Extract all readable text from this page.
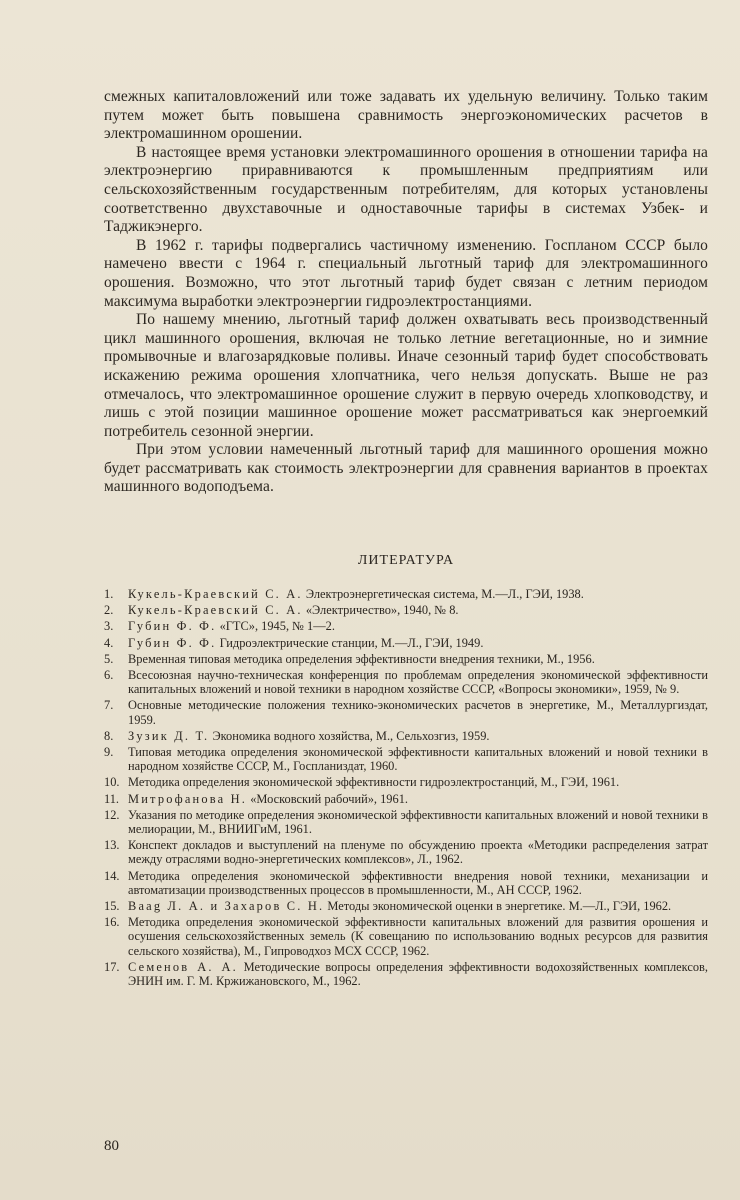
смежных капиталовложений или тоже задавать их удельную величину. Только таким путем может быть повышена сравнимость энергоэкономических расчетов в электромашинном орошении.

В настоящее время установки электромашинного орошения в отношении тарифа на электроэнергию приравниваются к промышленным предприятиям или сельскохозяйственным государственным потребителям, для которых установлены соответственно двухставочные и одноставочные тарифы в системах Узбек- и Таджикэнерго.

В 1962 г. тарифы подвергались частичному изменению. Госпланом СССР было намечено ввести с 1964 г. специальный льготный тариф для электромашинного орошения. Возможно, что этот льготный тариф будет связан с летним периодом максимума выработки электроэнергии гидроэлектростанциями.

По нашему мнению, льготный тариф должен охватывать весь производственный цикл машинного орошения, включая не только летние вегетационные, но и зимние промывочные и влагозарядковые поливы. Иначе сезонный тариф будет способствовать искажению режима орошения хлопчатника, чего нельзя допускать. Выше не раз отмечалось, что электромашинное орошение служит в первую очередь хлопководству, и лишь с этой позиции машинное орошение может рассматриваться как энергоемкий потребитель сезонной энергии.

При этом условии намеченный льготный тариф для машинного орошения можно будет рассматривать как стоимость электроэнергии для сравнения вариантов в проектах машинного водоподъема.

ЛИТЕРАТУРА
1.	Кукель-Краевский С. А. Электроэнергетическая система, М.—Л., ГЭИ, 1938.
2.	Кукель-Краевский С. А. «Электричество», 1940, № 8.
3.	Губин Ф. Ф. «ГТС», 1945, № 1—2.
4.	Губин Ф. Ф. Гидроэлектрические станции, М.—Л., ГЭИ, 1949.
5.	Временная типовая методика определения эффективности внедрения техники, М., 1956.
6.	Всесоюзная научно-техническая конференция по проблемам определения экономической эффективности капитальных вложений и новой техники в народном хозяйстве СССР, «Вопросы экономики», 1959, № 9.
7.	Основные методические положения технико-экономических расчетов в энергетике, М., Металлургиздат, 1959.
8.	Зузик Д. Т. Экономика водного хозяйства, М., Сельхозгиз, 1959.
9.	Типовая методика определения экономической эффективности капитальных вложений и новой техники в народном хозяйстве СССР, М., Госпланиздат, 1960.
10. Методика определения экономической эффективности гидроэлектростанций, М., ГЭИ, 1961.
11. Митрофанова Н. «Московский рабочий», 1961.
12. Указания по методике определения экономической эффективности капитальных вложений и новой техники в мелиорации, М., ВНИИГиМ, 1961.
13. Конспект докладов и выступлений на пленуме по обсуждению проекта «Методики распределения затрат между отраслями водно-энергетических комплексов», Л., 1962.
14. Методика определения экономической эффективности внедрения новой техники, механизации и автоматизации производственных процессов в промышленности, М., АН СССР, 1962.
15. Ваag Л. А. и Захаров С. Н. Методы экономической оценки в энергетике. М.—Л., ГЭИ, 1962.
16. Методика определения экономической эффективности капитальных вложений для развития орошения и осушения сельскохозяйственных земель (К совещанию по использованию водных ресурсов для развития сельского хозяйства), М., Гипроводхоз МСХ СССР, 1962.
17. Семенов А. А. Методические вопросы определения эффективности водохозяйственных комплексов, ЭНИН им. Г. М. Кржижановского, М., 1962.
80
